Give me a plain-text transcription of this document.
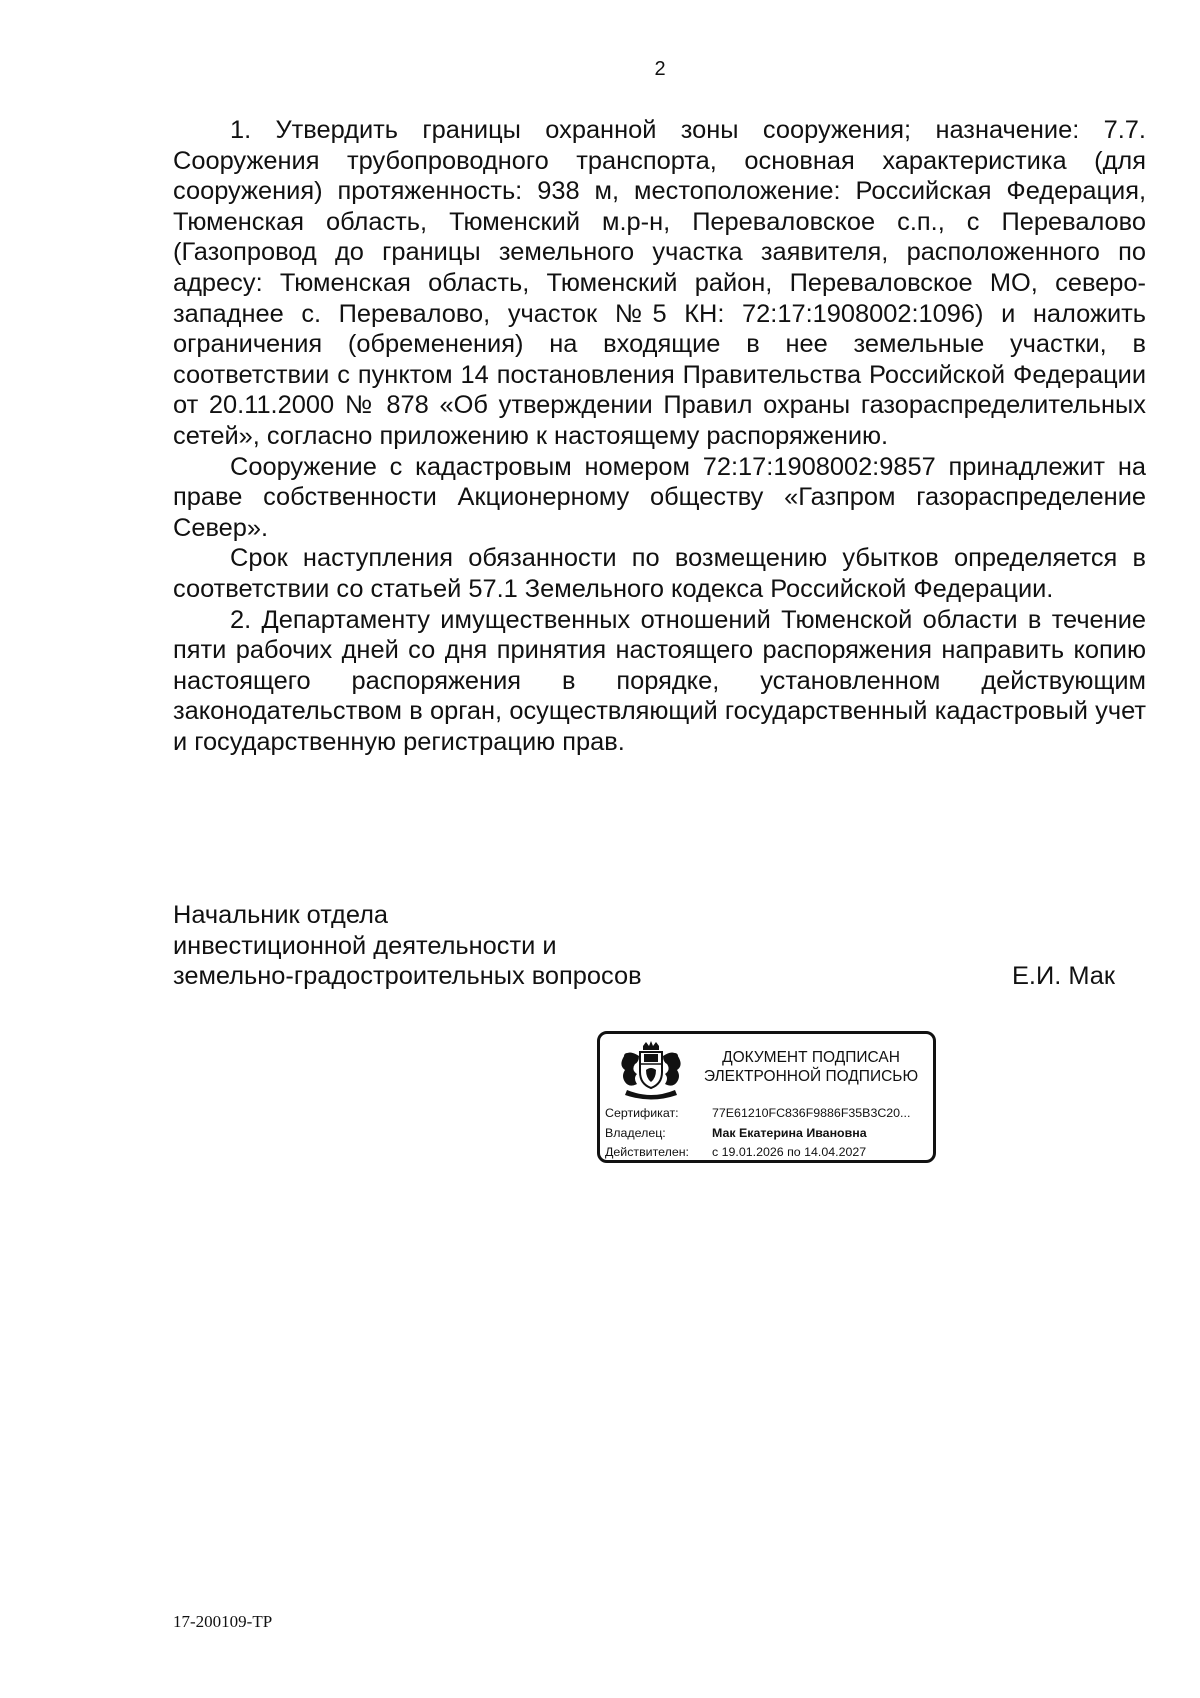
2

1. Утвердить границы охранной зоны сооружения; назначение: 7.7. Сооружения трубопроводного транспорта, основная характеристика (для сооружения) протяженность: 938 м, местоположение: Российская Федерация, Тюменская область, Тюменский м.р-н, Перевaловское с.п., с Перевалово (Газопровод до границы земельного участка заявителя, расположенного по адресу: Тюменская область, Тюменский район, Перевaловское МО, северо-западнее с. Перевалово, участок №5 КН: 72:17:1908002:1096) и наложить ограничения (обременения) на входящие в нее земельные участки, в соответствии с пунктом 14 постановления Правительства Российской Федерации от 20.11.2000 № 878 «Об утверждении Правил охраны газораспределительных сетей», согласно приложению к настоящему распоряжению.

Сооружение с кадастровым номером 72:17:1908002:9857 принадлежит на праве собственности Акционерному обществу «Газпром газораспределение Север».

Срок наступления обязанности по возмещению убытков определяется в соответствии со статьей 57.1 Земельного кодекса Российской Федерации.

2. Департаменту имущественных отношений Тюменской области в течение пяти рабочих дней со дня принятия настоящего распоряжения направить копию настоящего распоряжения в порядке, установленном действующим законодательством в орган, осуществляющий государственный кадастровый учет и государственную регистрацию прав.

Начальник отдела
инвестиционной деятельности и
земельно-градостроительных вопросов	Е.И. Мак
ДОКУМЕНТ ПОДПИСАН
ЭЛЕКТРОННОЙ ПОДПИСЬЮ
Сертификат:	77E61210FC836F9886F35B3C20...
Владелец:	Мак Екатерина Ивановна
Действителен: с 19.01.2026 по 14.04.2027
17-200109-ТР
